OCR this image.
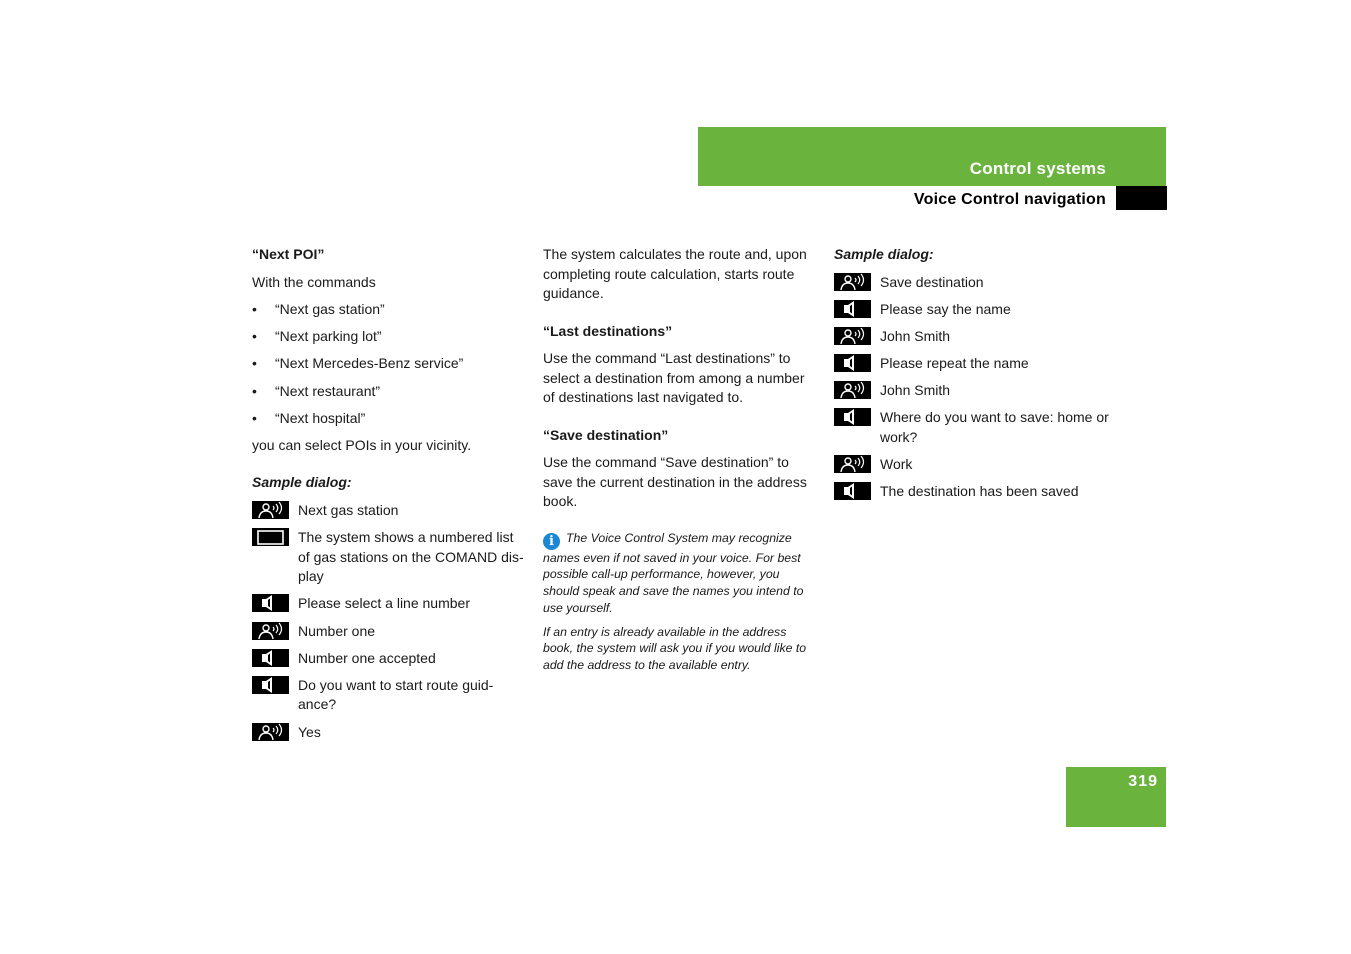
Control systems
Voice Control navigation
“Next POI”
With the commands
• “Next gas station”
• “Next parking lot”
• “Next Mercedes-Benz service”
• “Next restaurant”
• “Next hospital”
you can select POIs in your vicinity.
Sample dialog:
Next gas station
The system shows a numbered list of gas stations on the COMAND dis-play
Please select a line number
Number one
Number one accepted
Do you want to start route guid-ance?
Yes
The system calculates the route and, upon completing route calculation, starts route guidance.
“Last destinations”
Use the command “Last destinations” to select a destination from among a number of destinations last navigated to.
“Save destination”
Use the command “Save destination” to save the current destination in the address book.
i The Voice Control System may recognize names even if not saved in your voice. For best possible call-up performance, however, you should speak and save the names you intend to use yourself.
If an entry is already available in the address book, the system will ask you if you would like to add the address to the available entry.
Sample dialog:
Save destination
Please say the name
John Smith
Please repeat the name
John Smith
Where do you want to save: home or work?
Work
The destination has been saved
319
